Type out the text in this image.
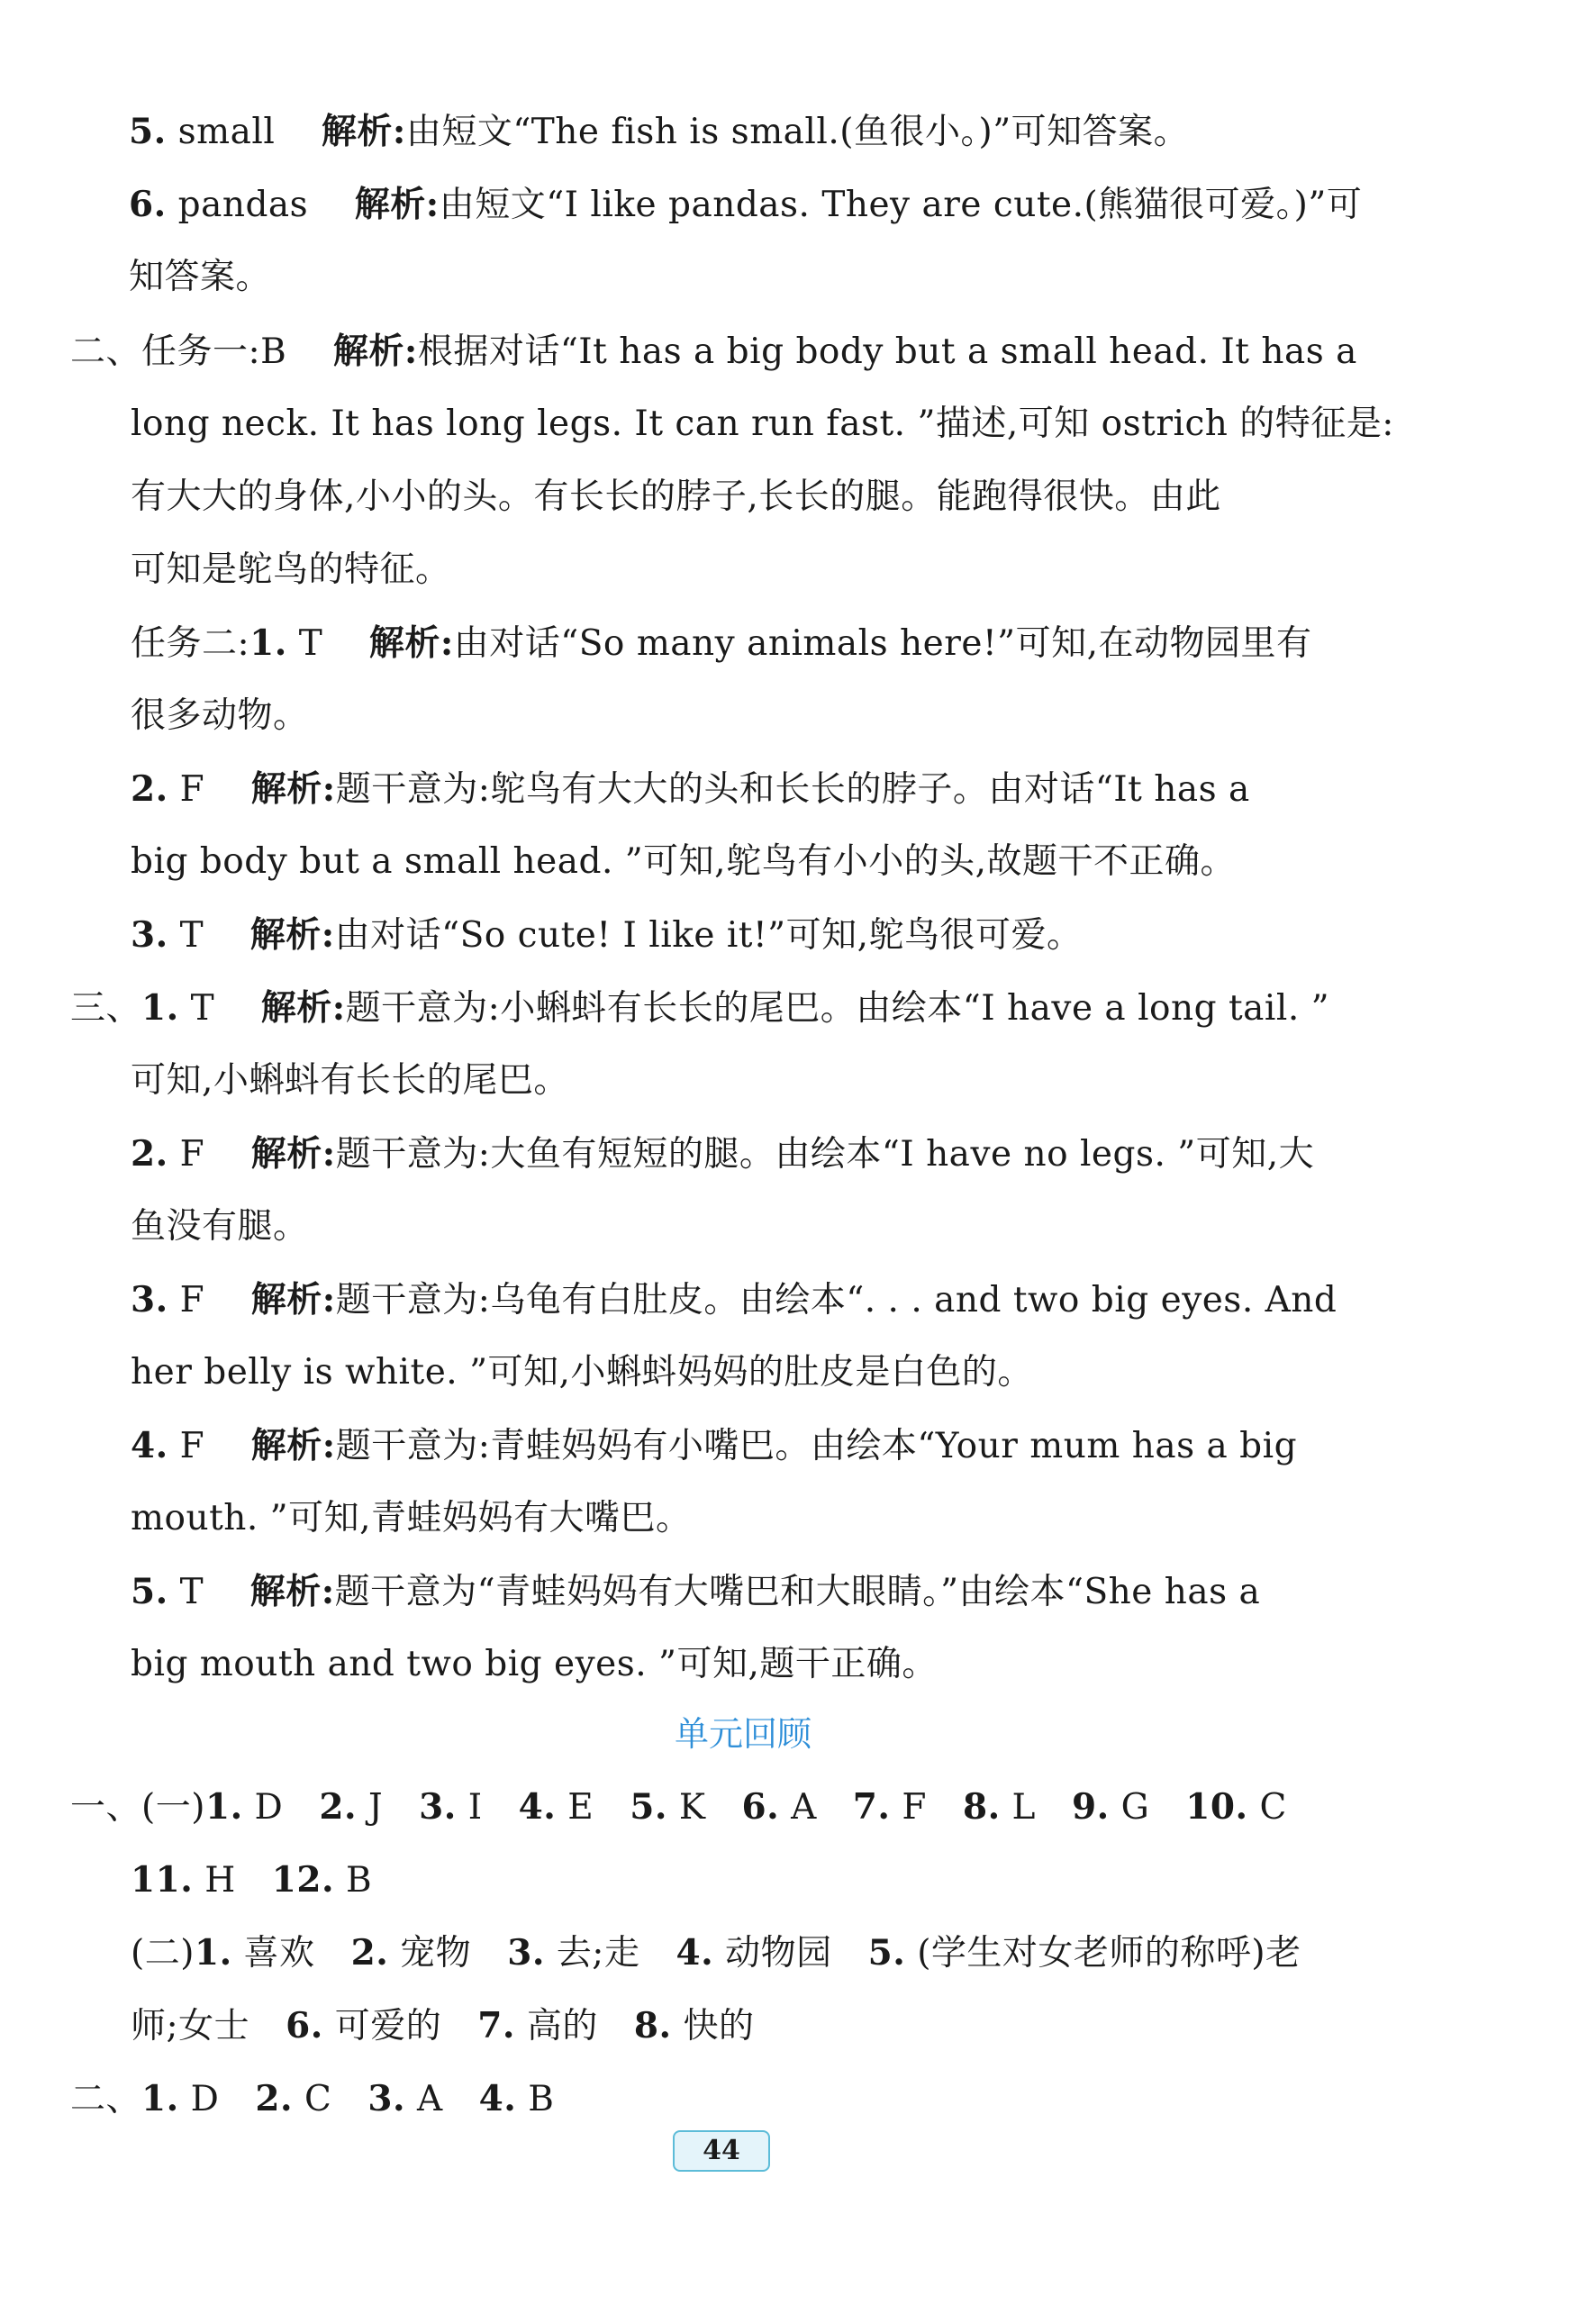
5. small 解析:由短文“The fish is small.(鱼很小。)”可知答案。
6. pandas 解析:由短文“I like pandas. They are cute.(熊猫很可爱。)”可
知答案。
二、任务一:B 解析:根据对话“It has a big body but a small head. It has a
long neck. It has long legs. It can run fast. ”描述,可知 ostrich 的特征是:
有大大的身体,小小的头。有长长的脖子,长长的腿。能跑得很快。由此
可知是鸵鸟的特征。
任务二:1. T 解析:由对话“So many animals here!”可知,在动物园里有
很多动物。
2. F 解析:题干意为:鸵鸟有大大的头和长长的脖子。由对话“It has a
big body but a small head. ”可知,鸵鸟有小小的头,故题干不正确。
3. T 解析:由对话“So cute! I like it!”可知,鸵鸟很可爱。
三、1. T 解析:题干意为:小蝌蚪有长长的尾巴。由绘本“I have a long tail. ”
可知,小蝌蚪有长长的尾巴。
2. F 解析:题干意为:大鱼有短短的腿。由绘本“I have no legs. ”可知,大
鱼没有腿。
3. F 解析:题干意为:乌龟有白肚皮。由绘本“. . . and two big eyes. And
her belly is white. ”可知,小蝌蚪妈妈的肚皮是白色的。
4. F 解析:题干意为:青蛙妈妈有小嘴巴。由绘本“Your mum has a big
mouth. ”可知,青蛙妈妈有大嘴巴。
5. T 解析:题干意为“青蛙妈妈有大嘴巴和大眼睛。”由绘本“She has a
big mouth and two big eyes. ”可知,题干正确。
单元回顾
一、(一)1. D 2. J 3. I 4. E 5. K 6. A 7. F 8. L 9. G 10. C
11. H 12. B
(二)1. 喜欢 2. 宠物 3. 去;走 4. 动物园 5. (学生对女老师的称呼)老
师;女士 6. 可爱的 7. 高的 8. 快的
二、1. D 2. C 3. A 4. B
44
